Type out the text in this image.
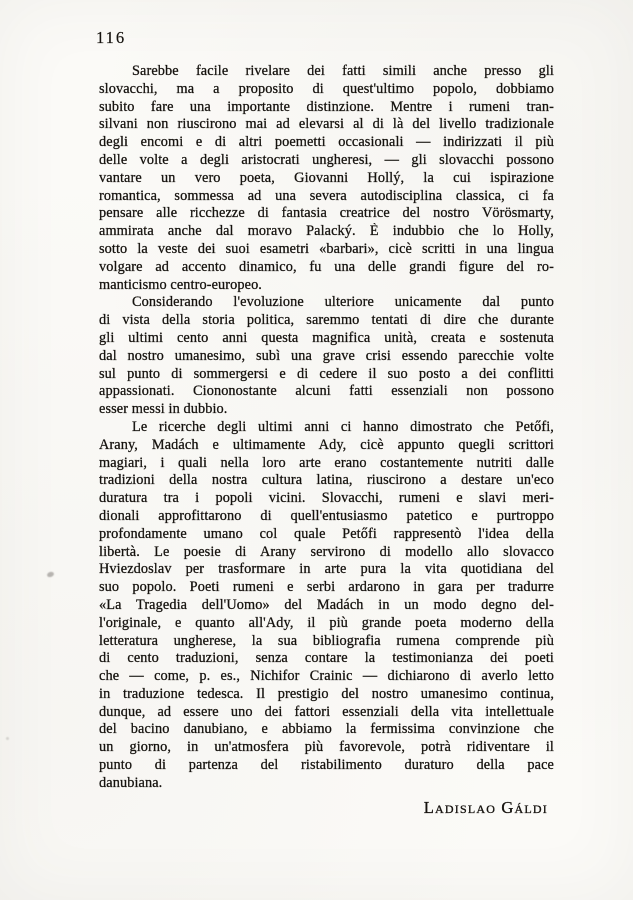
116
Sarebbe facile rivelare dei fatti simili anche presso gli
slovacchi, ma a proposito di quest'ultimo popolo, dobbiamo
subito fare una importante distinzione. Mentre i rumeni tran-
silvani non riuscirono mai ad elevarsi al di là del livello tradizionale
degli encomi e di altri poemetti occasionali — indirizzati il più
delle volte a degli aristocrati ungheresi, — gli slovacchi possono
vantare un vero poeta, Giovanni Hollý, la cui ispirazione
romantica, sommessa ad una severa autodisciplina classica, ci fa
pensare alle ricchezze di fantasia creatrice del nostro Vörösmarty,
ammirata anche dal moravo Palacký. È indubbio che lo Holly,
sotto la veste dei suoi esametri «barbari», cicè scritti in una lingua
volgare ad accento dinamico, fu una delle grandi figure del ro-
manticismo centro-europeo.
Considerando l'evoluzione ulteriore unicamente dal punto
di vista della storia politica, saremmo tentati di dire che durante
gli ultimi cento anni questa magnifica unità, creata e sostenuta
dal nostro umanesimo, subì una grave crisi essendo parecchie volte
sul punto di sommergersi e di cedere il suo posto a dei conflitti
appassionati. Ciononostante alcuni fatti essenziali non possono
esser messi in dubbio.
Le ricerche degli ultimi anni ci hanno dimostrato che Petőfi,
Arany, Madách e ultimamente Ady, cicè appunto quegli scrittori
magiari, i quali nella loro arte erano costantemente nutriti dalle
tradizioni della nostra cultura latina, riuscirono a destare un'eco
duratura tra i popoli vicini. Slovacchi, rumeni e slavi meri-
dionali approfittarono di quell'entusiasmo patetico e purtroppo
profondamente umano col quale Petőfi rappresentò l'idea della
libertà. Le poesie di Arany servirono di modello allo slovacco
Hviezdoslav per trasformare in arte pura la vita quotidiana del
suo popolo. Poeti rumeni e serbi ardarono in gara per tradurre
«La Tragedia dell'Uomo» del Madách in un modo degno del-
l'originale, e quanto all'Ady, il più grande poeta moderno della
letteratura ungherese, la sua bibliografia rumena comprende più
di cento traduzioni, senza contare la testimonianza dei poeti
che — come, p. es., Nichifor Crainic — dichiarono di averlo letto
in traduzione tedesca. Il prestigio del nostro umanesimo continua,
dunque, ad essere uno dei fattori essenziali della vita intellettuale
del bacino danubiano, e abbiamo la fermissima convinzione che
un giorno, in un'atmosfera più favorevole, potrà ridiventare il
punto di partenza del ristabilimento duraturo della pace
danubiana.
Ladislao Gáldi
